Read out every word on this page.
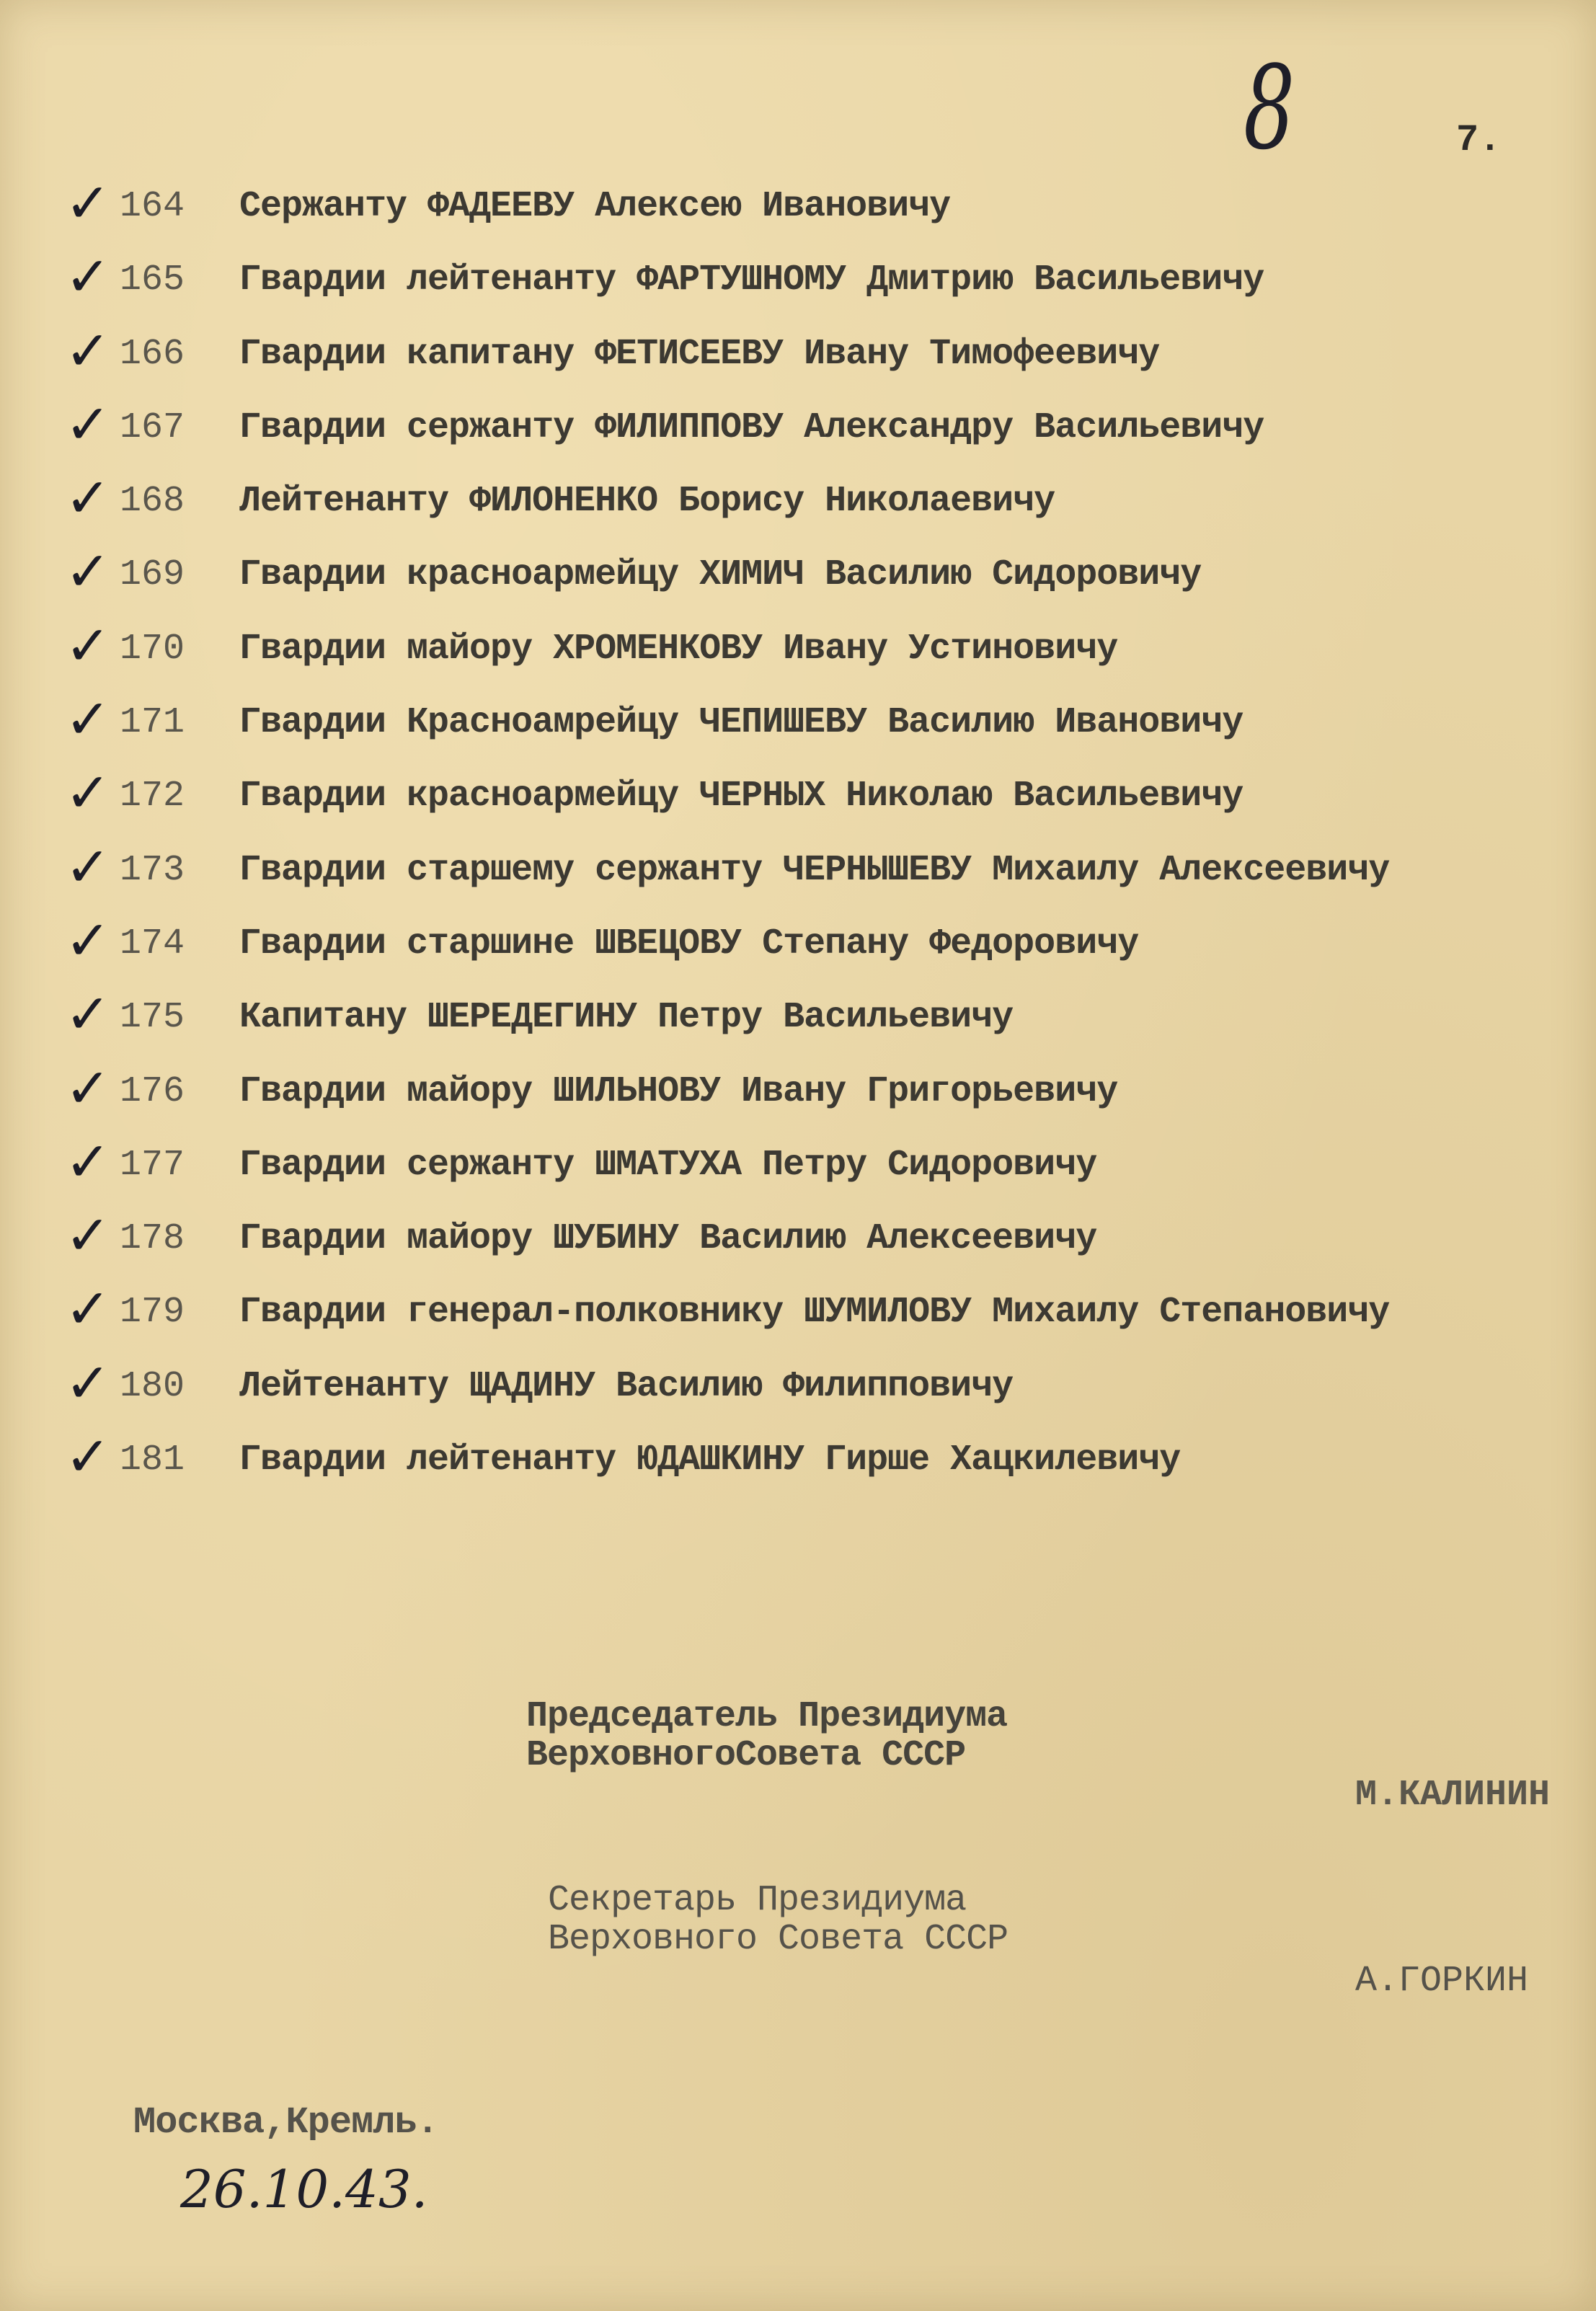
8	7.
✓ 164 Сержанту ФАДЕЕВУ Алексею Ивановичу
✓ 165 Гвардии лейтенанту ФАРТУШНОМУ Дмитрию Васильевичу
✓ 166 Гвардии капитану ФЕТИСЕЕВУ Ивану Тимофеевичу
✓ 167 Гвардии сержанту ФИЛИППОВУ Александру Васильевичу
✓ 168 Лейтенанту ФИЛОНЕНКО Борису Николаевичу
✓ 169 Гвардии красноармейцу ХИМИЧ Василию Сидоровичу
✓ 170 Гвардии майору ХРОМЕНКОВУ Ивану Устиновичу
✓ 171 Гвардии Красноамрейцу ЧЕПИШЕВУ Василию Ивановичу
✓ 172 Гвардии красноармейцу ЧЕРНЫХ Николаю Васильевичу
✓ 173 Гвардии старшему сержанту ЧЕРНЫШЕВУ Михаилу Алексеевичу
✓ 174 Гвардии старшине ШВЕЦОВУ Степану Федоровичу
✓ 175 Капитану ШЕРЕДЕГИНУ Петру Васильевичу
✓ 176 Гвардии майору ШИЛЬНОВУ Ивану Григорьевичу
✓ 177 Гвардии сержанту ШМАТУХА Петру Сидоровичу
✓ 178 Гвардии майору ШУБИНУ Василию Алексеевичу
✓ 179 Гвардии генерал-полковнику ШУМИЛОВУ Михаилу Степановичу
✓ 180 Лейтенанту ЩАДИНУ Василию Филипповичу
✓ 181 Гвардии лейтенанту ЮДАШКИНУ Гирше Хацкилевичу
Председатель Президиума
ВерховногоСовета СССР
М.КАЛИНИН
Секретарь Президиума
Верховного Совета СССР
А.ГОРКИН
Москва,Кремль.
26.10.43.
